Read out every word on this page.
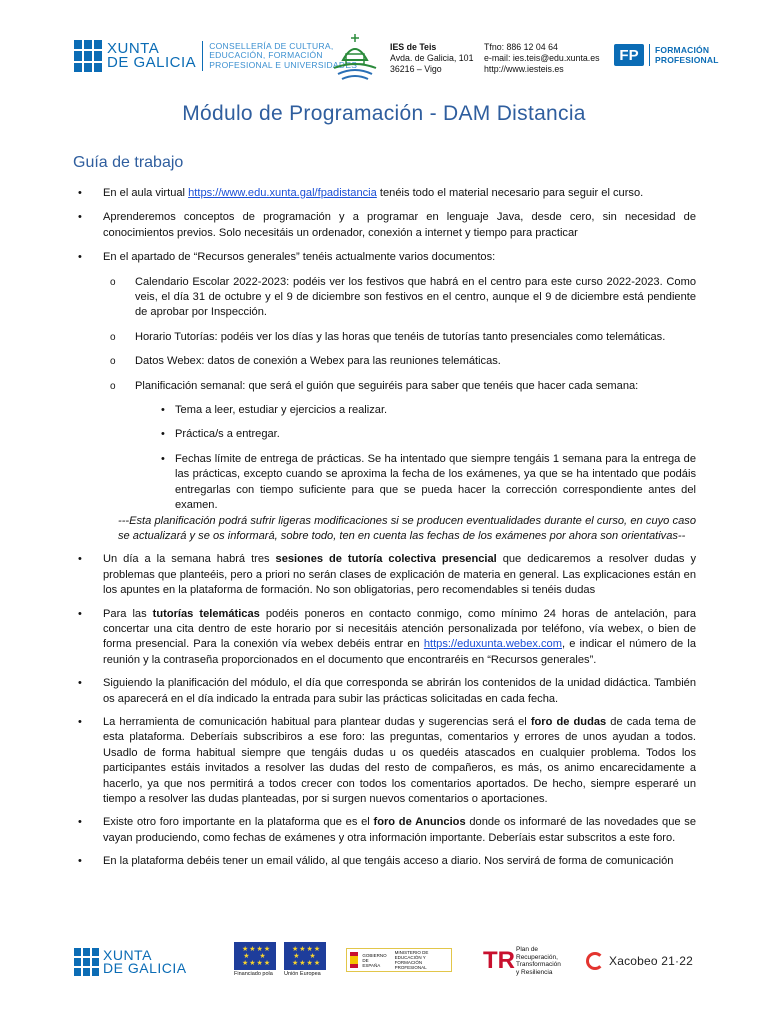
XUNTA
DE GALICIA
CONSELLERÍA DE CULTURA,
EDUCACIÓN, FORMACIÓN
PROFESIONAL E UNIVERSIDADES
IES de Teis
Avda. de Galicia, 101
36216 – Vigo
Tfno: 886 12 04 64
e-mail: ies.teis@edu.xunta.es
http://www.iesteis.es
FP	FORMACIÓN
PROFESIONAL
Módulo de Programación - DAM Distancia
Guía de trabajo
• En el aula virtual https://www.edu.xunta.gal/fpadistancia tenéis todo el material necesario para seguir el curso.
• Aprenderemos conceptos de programación y a programar en lenguaje Java, desde cero, sin necesidad de conocimientos previos. Solo necesitáis un ordenador, conexión a internet y tiempo para practicar
• En el apartado de “Recursos generales” tenéis actualmente varios documentos:
o Calendario Escolar 2022-2023: podéis ver los festivos que habrá en el centro para este curso 2022-2023. Como veis, el día 31 de octubre y el 9 de diciembre son festivos en el centro, aunque el 9 de diciembre está pendiente de aprobar por Inspección.
o Horario Tutorías: podéis ver los días y las horas que tenéis de tutorías tanto presenciales como telemáticas.
o Datos Webex: datos de conexión a Webex para las reuniones telemáticas.
o Planificación semanal: que será el guión que seguiréis para saber que tenéis que hacer cada semana:
• Tema a leer, estudiar y ejercicios a realizar.
• Práctica/s a entregar.
• Fechas límite de entrega de prácticas. Se ha intentado que siempre tengáis 1 semana para la entrega de las prácticas, excepto cuando se aproxima la fecha de los exámenes, ya que se ha intentado que podáis entregarlas con tiempo suficiente para que se pueda hacer la corrección correspondiente antes del examen.
---Esta planificación podrá sufrir ligeras modificaciones si se producen eventualidades durante el curso, en cuyo caso se actualizará y se os informará, sobre todo, ten en cuenta las fechas de los exámenes por ahora son orientativas--
• Un día a la semana habrá tres sesiones de tutoría colectiva presencial que dedicaremos a resolver dudas y problemas que planteéis, pero a priori no serán clases de explicación de materia en general. Las explicaciones están en los apuntes en la plataforma de formación. No son obligatorias, pero recomendables si tenéis dudas
• Para las tutorías telemáticas podéis poneros en contacto conmigo, como mínimo 24 horas de antelación, para concertar una cita dentro de este horario por si necesitáis atención personalizada por teléfono, vía webex, o bien de forma presencial. Para la conexión vía webex debéis entrar en https://eduxunta.webex.com, e indicar el número de la reunión y la contraseña proporcionados en el documento que encontraréis en “Recursos generales”.
• Siguiendo la planificación del módulo, el día que corresponda se abrirán los contenidos de la unidad didáctica. También os aparecerá en el día indicado la entrada para subir las prácticas solicitadas en cada fecha.
• La herramienta de comunicación habitual para plantear dudas y sugerencias será el foro de dudas de cada tema de esta plataforma. Deberíais subscribiros a ese foro: las preguntas, comentarios y errores de unos ayudan a todos. Usadlo de forma habitual siempre que tengáis dudas u os quedéis atascados en cualquier problema. Todos los participantes estáis invitados a resolver las dudas del resto de compañeros, es más, os animo encarecidamente a hacerlo, ya que nos permitirá a todos crecer con todos los comentarios aportados. De hecho, siempre esperaré un tiempo a resolver las dudas planteadas, por si surgen nuevos comentarios o aportaciones.
• Existe otro foro importante en la plataforma que es el foro de Anuncios donde os informaré de las novedades que se vayan produciendo, como fechas de exámenes y otra información importante. Deberíais estar subscritos a este foro.
• En la plataforma debéis tener un email válido, al que tengáis acceso a diario. Nos servirá de forma de comunicación
XUNTA
DE GALICIA
★★★★
★   ★
★★★★
Financiado pola
★★★★
★   ★
★★★★
Unión Europea
GOBIERNO DE ESPAÑA
MINISTERIO DE EDUCACIÓN Y FORMACIÓN PROFESIONAL	TR Plan de
Recuperación,
Transformación
y Resiliencia
Xacobeo 21·22
